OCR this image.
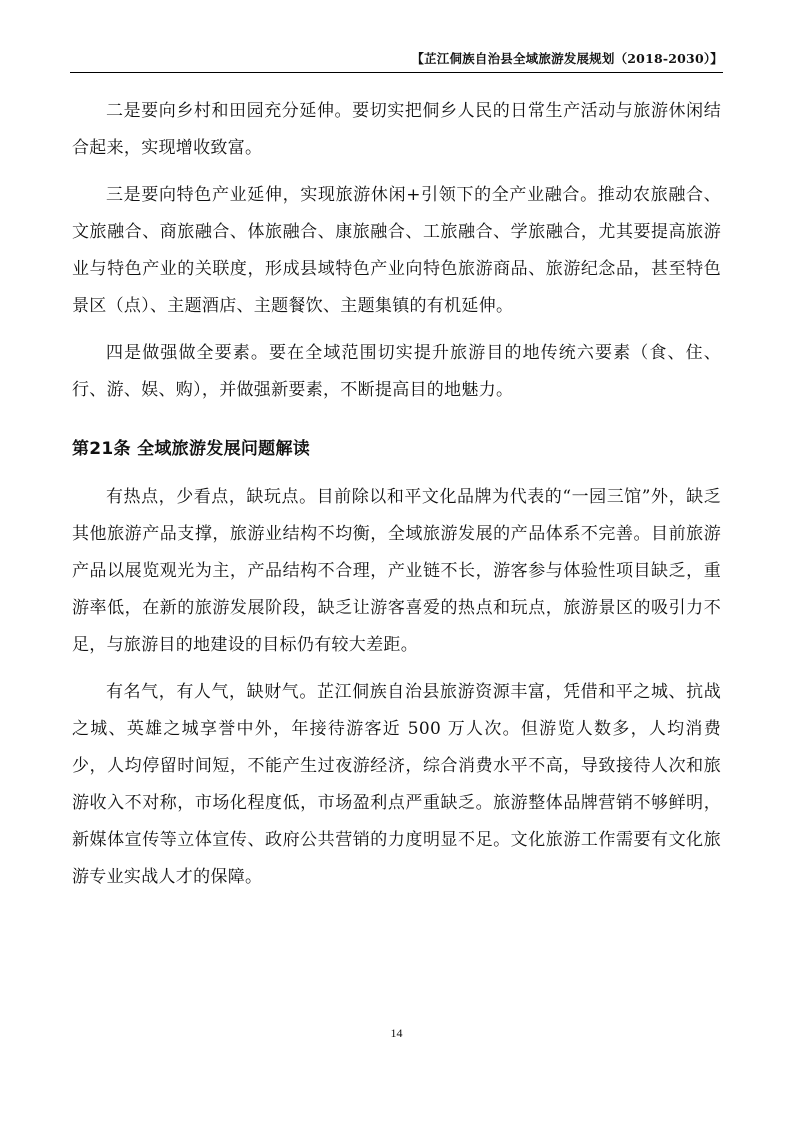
【芷江侗族自治县全域旅游发展规划（2018-2030）】

二是要向乡村和田园充分延伸。要切实把侗乡人民的日常生产活动与旅游休闲结合起来，实现增收致富。

三是要向特色产业延伸，实现旅游休闲+引领下的全产业融合。推动农旅融合、文旅融合、商旅融合、体旅融合、康旅融合、工旅融合、学旅融合，尤其要提高旅游业与特色产业的关联度，形成县域特色产业向特色旅游商品、旅游纪念品，甚至特色景区（点）、主题酒店、主题餐饮、主题集镇的有机延伸。

四是做强做全要素。要在全域范围切实提升旅游目的地传统六要素（食、住、行、游、娱、购），并做强新要素，不断提高目的地魅力。

第21条 全域旅游发展问题解读

有热点，少看点，缺玩点。目前除以和平文化品牌为代表的“一园三馆”外，缺乏其他旅游产品支撑，旅游业结构不均衡，全域旅游发展的产品体系不完善。目前旅游产品以展览观光为主，产品结构不合理，产业链不长，游客参与体验性项目缺乏，重游率低，在新的旅游发展阶段，缺乏让游客喜爱的热点和玩点，旅游景区的吸引力不足，与旅游目的地建设的目标仍有较大差距。

有名气，有人气，缺财气。芷江侗族自治县旅游资源丰富，凭借和平之城、抗战之城、英雄之城享誉中外，年接待游客近 500 万人次。但游览人数多，人均消费少，人均停留时间短，不能产生过夜游经济，综合消费水平不高，导致接待人次和旅游收入不对称，市场化程度低，市场盈利点严重缺乏。旅游整体品牌营销不够鲜明，新媒体宣传等立体宣传、政府公共营销的力度明显不足。文化旅游工作需要有文化旅游专业实战人才的保障。

14
